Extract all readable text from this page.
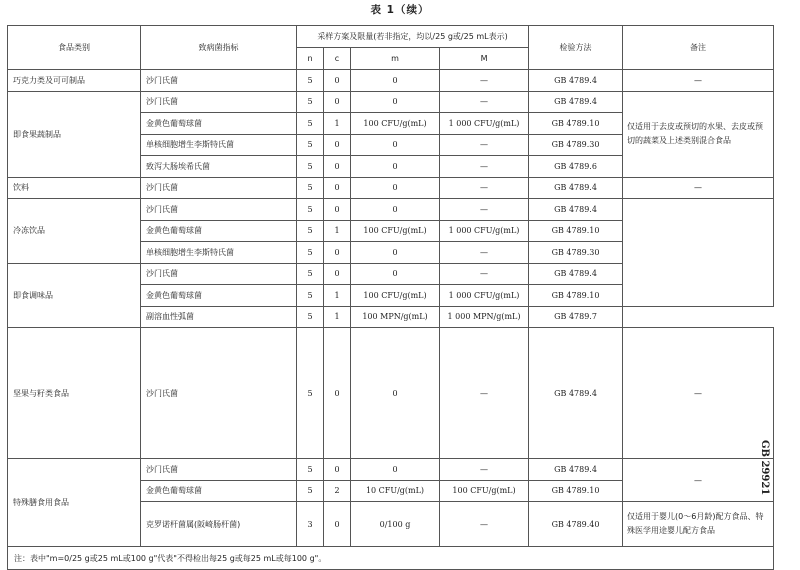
表 1（续）
食品类别	致病菌指标	采样方案及限量(若非指定，均以/25 g或/25 mL表示)				检验方法	备注	
		n	c	m	M			
巧克力类及可可制品	沙门氏菌	5	0	0	—	GB 4789.4	—	
即食果蔬制品	沙门氏菌	5	0	0	—	GB 4789.4	仅适用于去皮或预切的水果、去皮或预切的蔬菜及上述类别混合食品	
	金黄色葡萄球菌	5	1	100 CFU/g(mL)	1 000 CFU/g(mL)	GB 4789.10		
	单核细胞增生李斯特氏菌	5	0	0	—	GB 4789.30		
	致泻大肠埃希氏菌	5	0	0	—	GB 4789.6		
饮料	沙门氏菌	5	0	0	—	GB 4789.4	—	
冷冻饮品	沙门氏菌	5	0	0	—	GB 4789.4		

	金黄色葡萄球菌	5	1	100 CFU/g(mL)	1 000 CFU/g(mL)	GB 4789.10		
	单核细胞增生李斯特氏菌	5	0	0	—	GB 4789.30		
即食调味品	沙门氏菌	5	0	0	—	GB 4789.4		
	金黄色葡萄球菌	5	1	100 CFU/g(mL)	1 000 CFU/g(mL)	GB 4789.10		
	副溶血性弧菌	5	1	100 MPN/g(mL)	1 000 MPN/g(mL)	GB 4789.7		
坚果与籽类食品	沙门氏菌	5	0	0	—	GB 4789.4	—	
特殊膳食用食品	沙门氏菌	5	0	0	—	GB 4789.4	—	
	金黄色葡萄球菌	5	2	10 CFU/g(mL)	100 CFU/g(mL)	GB 4789.10		
	克罗诺杆菌属(阪崎肠杆菌)	3	0	0/100 g	—	GB 4789.40	仅适用于婴儿(0～6月龄)配方食品、特殊医学用途婴儿配方食品	
注：表中"m=0/25 g或25 mL或100 g"代表"不得检出每25 g或每25 mL或每100 g"。								
GB 29921
